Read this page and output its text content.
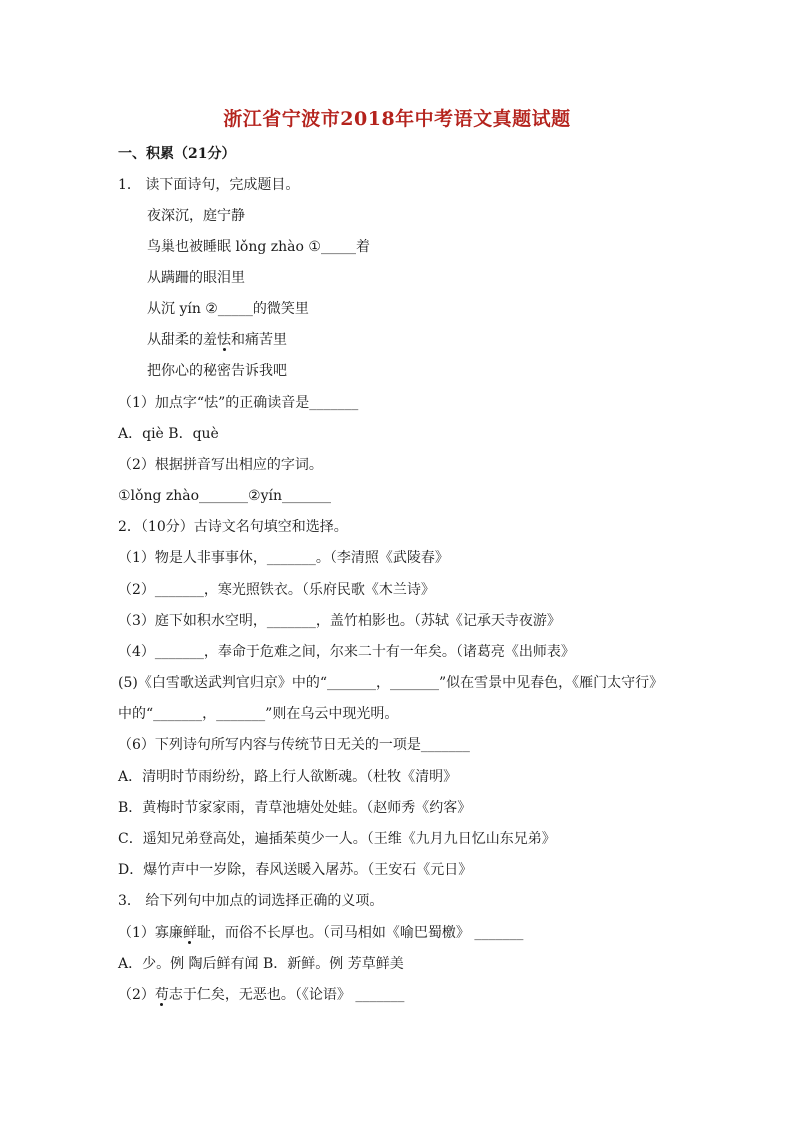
浙江省宁波市2018年中考语文真题试题
一、积累（21分）
1． 读下面诗句，完成题目。
夜深沉，庭宁静
鸟巢也被睡眠 lǒng zhào ①_____着
从蹒跚的眼泪里
从沉 yín ②_____的微笑里
从甜柔的羞怯和痛苦里
把你心的秘密告诉我吧
（1）加点字“怯”的正确读音是_______
A．qiè B．què
（2）根据拼音写出相应的字词。
①lǒng zhào_______②yín_______
2．（10分）古诗文名句填空和选择。
（1）物是人非事事休，_______。（李清照《武陵春》
（2）_______，寒光照铁衣。（乐府民歌《木兰诗》
（3）庭下如积水空明，_______，盖竹柏影也。（苏轼《记承天寺夜游》
（4）_______，奉命于危难之间，尔来二十有一年矣。（诸葛亮《出师表》
(5)《白雪歌送武判官归京》中的“_______，_______”似在雪景中见春色，《雁门太守行》
中的“_______，_______”则在乌云中现光明。
（6）下列诗句所写内容与传统节日无关的一项是_______
A．清明时节雨纷纷，路上行人欲断魂。（杜牧《清明》
B．黄梅时节家家雨，青草池塘处处蛙。（赵师秀《约客》
C．遥知兄弟登高处，遍插茱萸少一人。（王维《九月九日忆山东兄弟》
D．爆竹声中一岁除，春风送暖入屠苏。（王安石《元日》
3． 给下列句中加点的词选择正确的义项。
（1）寡廉鲜耻，而俗不长厚也。（司马相如《喻巴蜀檄》 _______
A．少。例 陶后鲜有闻 B．新鲜。例 芳草鲜美
（2）苟志于仁矣，无恶也。（《论语》 _______
